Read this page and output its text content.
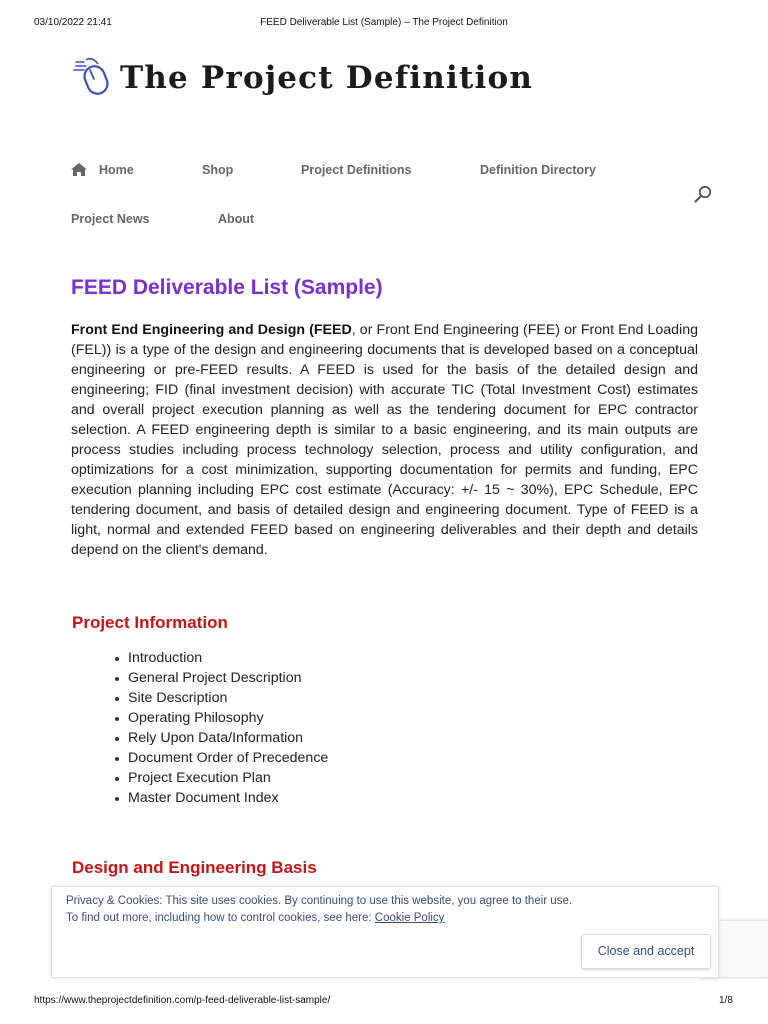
03/10/2022 21:41	FEED Deliverable List (Sample) – The Project Definition
The Project Definition
Home	Shop	Project Definitions	Definition Directory
Project News	About
FEED Deliverable List (Sample)

Front End Engineering and Design (FEED, or Front End Engineering (FEE) or Front End Loading (FEL)) is a type of the design and engineering documents that is developed based on a conceptual engineering or pre-FEED results. A FEED is used for the basis of the detailed design and engineering; FID (final investment decision) with accurate TIC (Total Investment Cost) estimates and overall project execution planning as well as the tendering document for EPC contractor selection. A FEED engineering depth is similar to a basic engineering, and its main outputs are process studies including process technology selection, process and utility configuration, and optimizations for a cost minimization, supporting documentation for permits and funding, EPC execution planning including EPC cost estimate (Accuracy: +/- 15 ~ 30%), EPC Schedule, EPC tendering document, and basis of detailed design and engineering document. Type of FEED is a light, normal and extended FEED based on engineering deliverables and their depth and details depend on the client's demand.

Project Information
Introduction
General Project Description
Site Description
Operating Philosophy
Rely Upon Data/Information
Document Order of Precedence
Project Execution Plan
Master Document Index
Design and Engineering Basis
Privacy & Cookies: This site uses cookies. By continuing to use this website, you agree to their use.
To find out more, including how to control cookies, see here: Cookie Policy
Close and accept
https://www.theprojectdefinition.com/p-feed-deliverable-list-sample/	1/8
